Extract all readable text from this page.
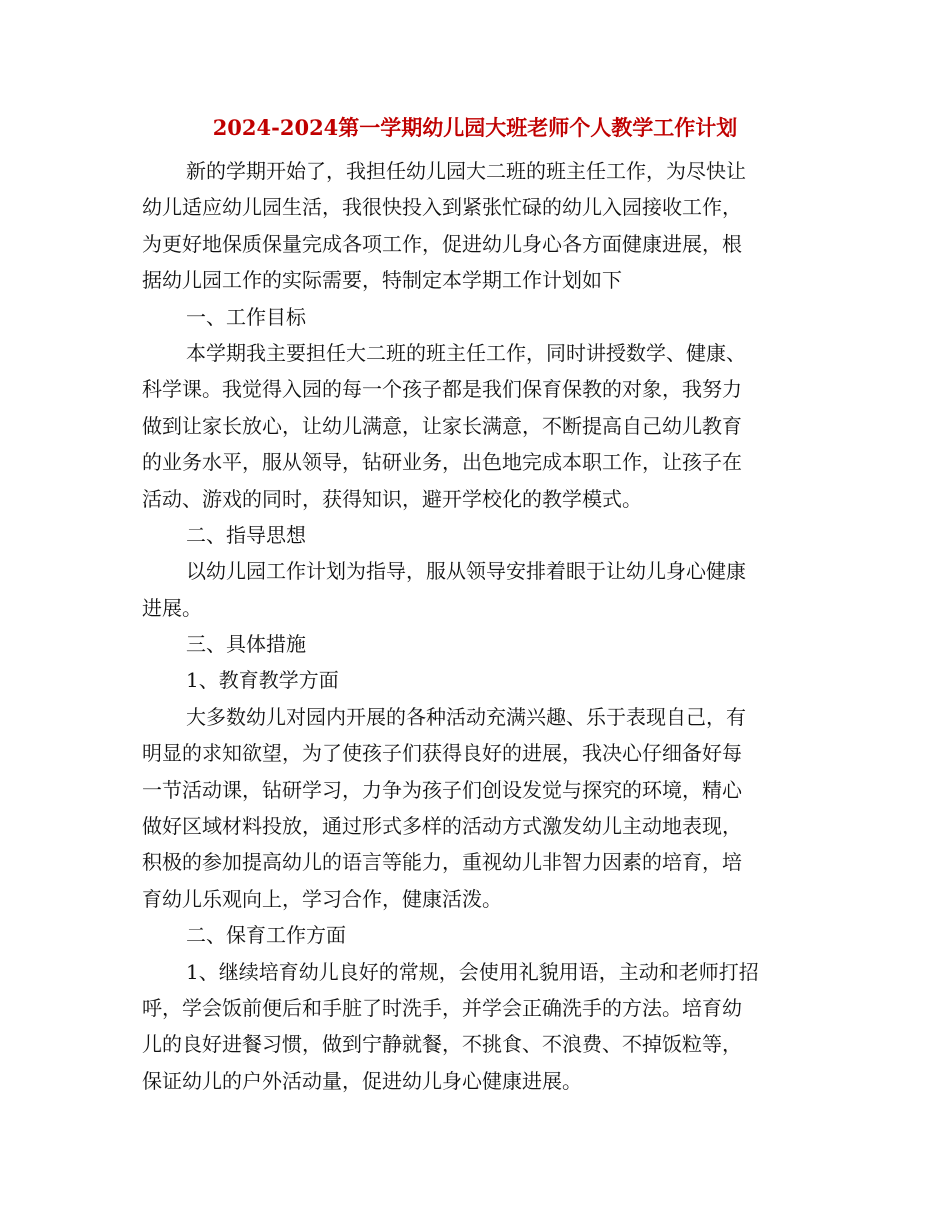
2024-2024第一学期幼儿园大班老师个人教学工作计划
新的学期开始了，我担任幼儿园大二班的班主任工作，为尽快让
幼儿适应幼儿园生活，我很快投入到紧张忙碌的幼儿入园接收工作，
为更好地保质保量完成各项工作，促进幼儿身心各方面健康进展，根
据幼儿园工作的实际需要，特制定本学期工作计划如下
一、工作目标
本学期我主要担任大二班的班主任工作，同时讲授数学、健康、
科学课。我觉得入园的每一个孩子都是我们保育保教的对象，我努力
做到让家长放心，让幼儿满意，让家长满意，不断提高自己幼儿教育
的业务水平，服从领导，钻研业务，出色地完成本职工作，让孩子在
活动、游戏的同时，获得知识，避开学校化的教学模式。
二、指导思想
以幼儿园工作计划为指导，服从领导安排着眼于让幼儿身心健康
进展。
三、具体措施
1、教育教学方面
大多数幼儿对园内开展的各种活动充满兴趣、乐于表现自己，有
明显的求知欲望，为了使孩子们获得良好的进展，我决心仔细备好每
一节活动课，钻研学习，力争为孩子们创设发觉与探究的环境，精心
做好区域材料投放，通过形式多样的活动方式激发幼儿主动地表现，
积极的参加提高幼儿的语言等能力，重视幼儿非智力因素的培育，培
育幼儿乐观向上，学习合作，健康活泼。
二、保育工作方面
1、继续培育幼儿良好的常规，会使用礼貌用语，主动和老师打招
呼，学会饭前便后和手脏了时洗手，并学会正确洗手的方法。培育幼
儿的良好进餐习惯，做到宁静就餐，不挑食、不浪费、不掉饭粒等，
保证幼儿的户外活动量，促进幼儿身心健康进展。
